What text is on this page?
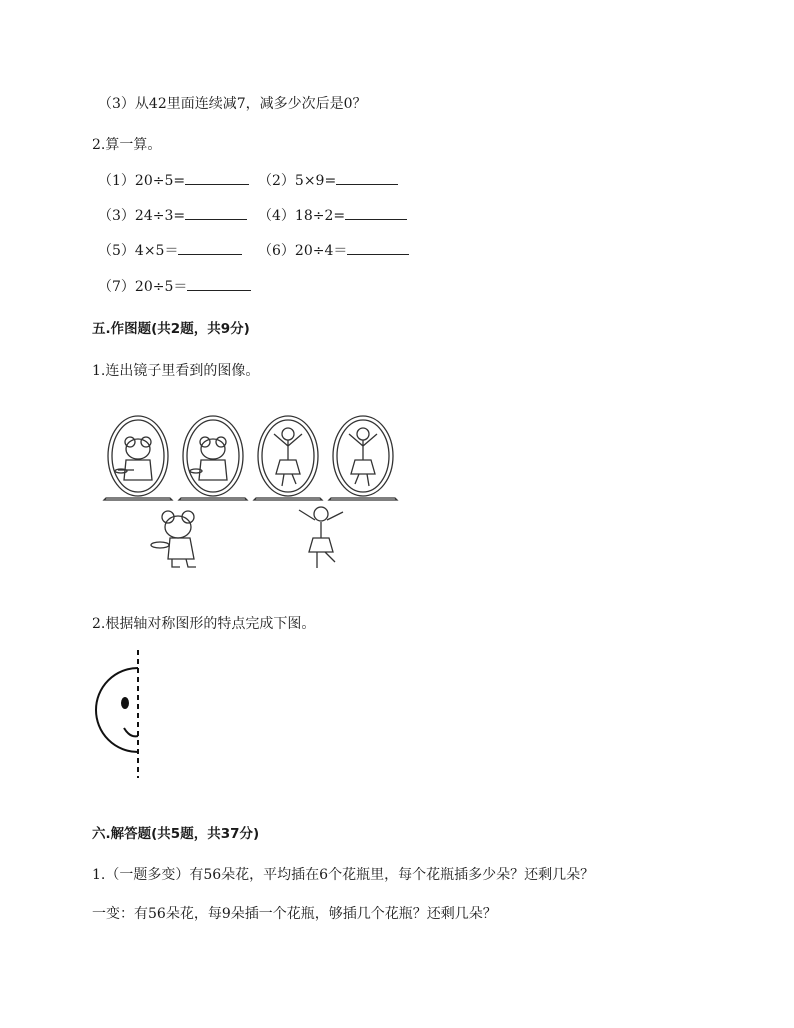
（3）从42里面连续减7，减多少次后是0？
2.算一算。
（1）20÷5=	（2）5×9=
（3）24÷3=	（4）18÷2=
（5）4×5＝	（6）20÷4＝
（7）20÷5＝
五.作图题(共2题，共9分)
1.连出镜子里看到的图像。
2.根据轴对称图形的特点完成下图。
六.解答题(共5题，共37分)
1.（一题多变）有56朵花，平均插在6个花瓶里，每个花瓶插多少朵？还剩几朵？
一变：有56朵花，每9朵插一个花瓶，够插几个花瓶？还剩几朵？
